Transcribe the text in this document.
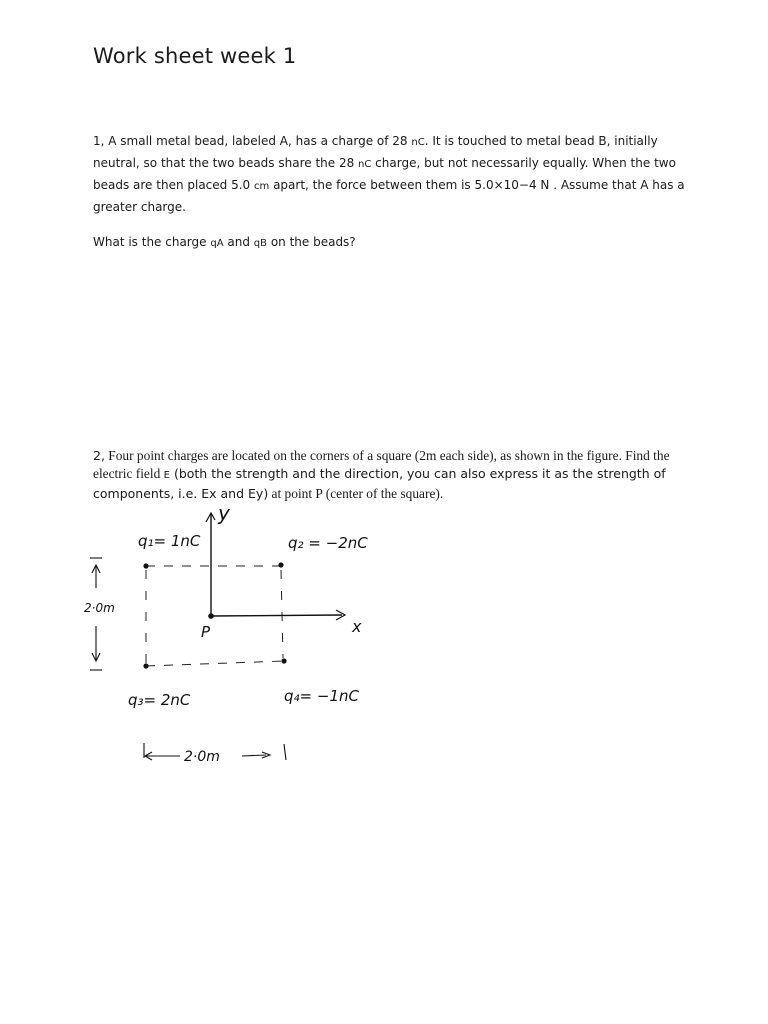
Work sheet week 1

1, A small metal bead, labeled A, has a charge of 28 nC. It is touched to metal bead B, initially neutral, so that the two beads share the 28 nC charge, but not necessarily equally. When the two beads are then placed 5.0 cm apart, the force between them is 5.0×10−4 N . Assume that A has a greater charge.

What is the charge qA and qB on the beads?

2, Four point charges are located on the corners of a square (2m each side), as shown in the figure. Find the electric field E (both the strength and the direction, you can also express it as the strength of components, i.e. Ex and Ey) at point P (center of the square).

q₁= 1nC	q₂ = −2nC
q₃= 2nC	q₄= −1nC
P	x
y
2·0m
2·0m
